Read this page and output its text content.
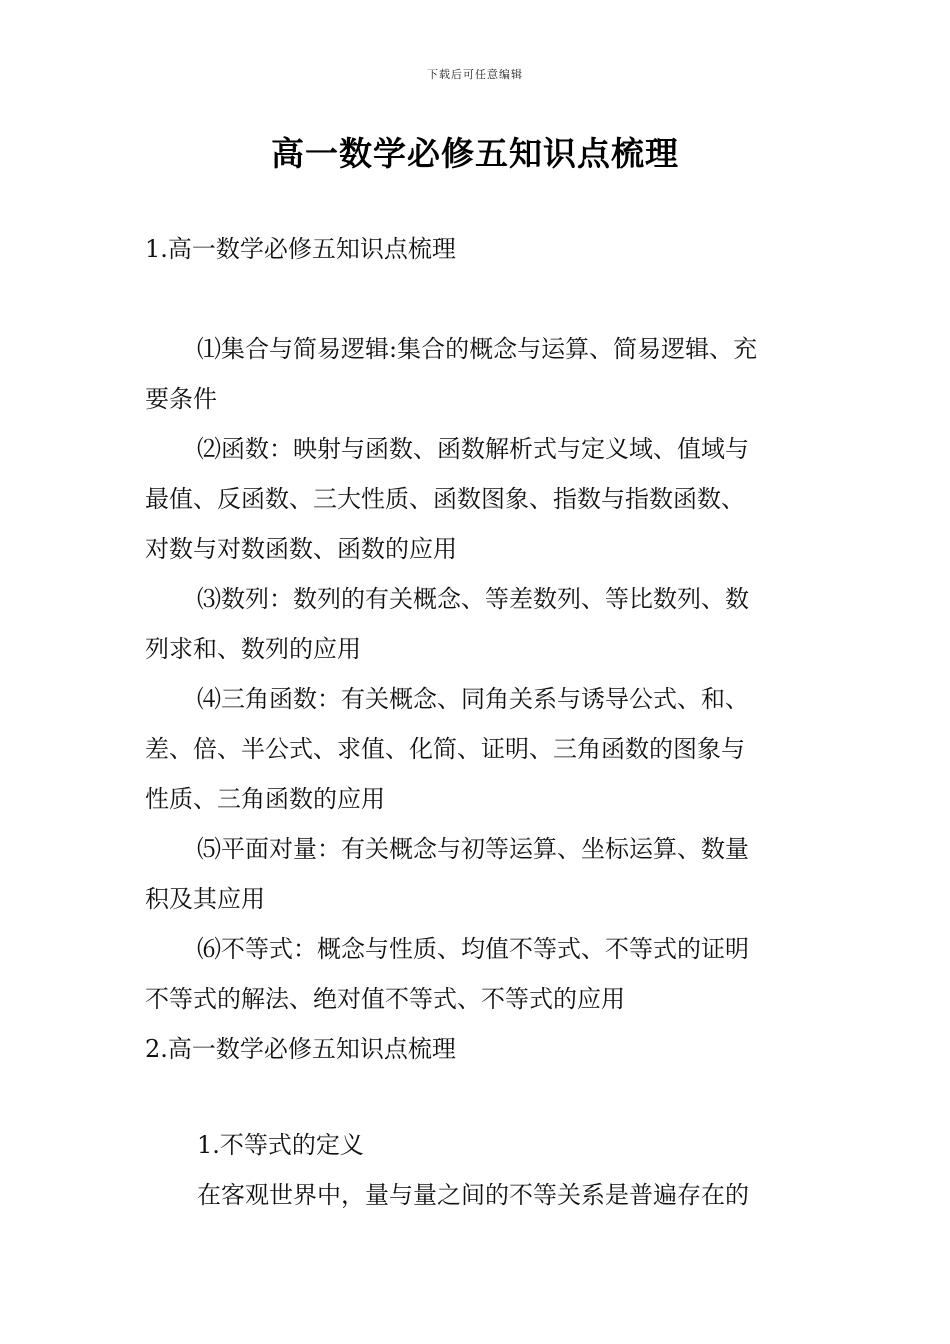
下载后可任意编辑
高一数学必修五知识点梳理
1.高一数学必修五知识点梳理
⑴集合与简易逻辑:集合的概念与运算、简易逻辑、充
要条件
⑵函数：映射与函数、函数解析式与定义域、值域与
最值、反函数、三大性质、函数图象、指数与指数函数、
对数与对数函数、函数的应用
⑶数列：数列的有关概念、等差数列、等比数列、数
列求和、数列的应用
⑷三角函数：有关概念、同角关系与诱导公式、和、
差、倍、半公式、求值、化简、证明、三角函数的图象与
性质、三角函数的应用
⑸平面对量：有关概念与初等运算、坐标运算、数量
积及其应用
⑹不等式：概念与性质、均值不等式、不等式的证明
不等式的解法、绝对值不等式、不等式的应用
2.高一数学必修五知识点梳理
1.不等式的定义
在客观世界中，量与量之间的不等关系是普遍存在的
